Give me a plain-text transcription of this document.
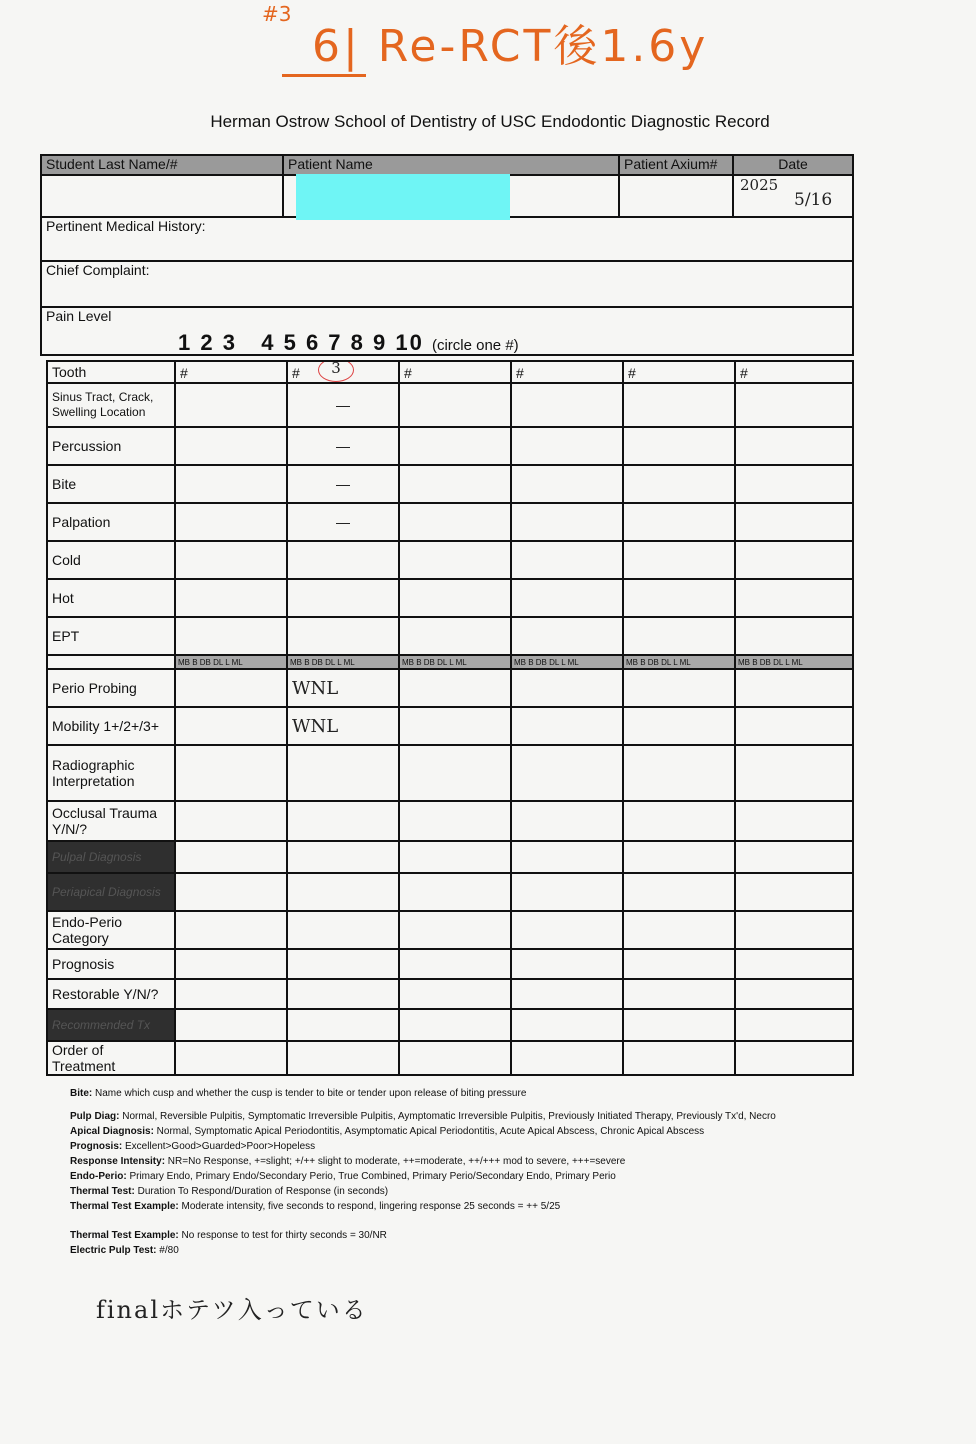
#3
6| Re-RCT後1.6y
Herman Ostrow School of Dentistry of USC Endodontic Diagnostic Record
Student Last Name/#	Patient Name	Patient Axium#	Date

			2025
5/16

Pertinent Medical History:			
Chief Complaint:			
Pain Level			
1 2 3   4 5 6 7 8 9 10 (circle one #)
Tooth	#	# 3	#	#	#	#
Sinus Tract, Crack, Swelling Location		—				
Percussion		—				
Bite		—				
Palpation		—				
Cold						
Hot						
EPT						
	MB B DB DL L ML	MB B DB DL L ML	MB B DB DL L ML	MB B DB DL L ML	MB B DB DL L ML	MB B DB DL L ML
Perio Probing		WNL				
Mobility 1+/2+/3+		WNL				
Radiographic Interpretation						
Occlusal Trauma Y/N/?						
Pulpal Diagnosis						
Periapical Diagnosis						
Endo-Perio Category						
Prognosis						
Restorable Y/N/?						
Recommended Tx						
Order of Treatment						
Bite: Name which cusp and whether the cusp is tender to bite or tender upon release of biting pressure
Pulp Diag: Normal, Reversible Pulpitis, Symptomatic Irreversible Pulpitis, Aymptomatic Irreversible Pulpitis, Previously Initiated Therapy, Previously Tx'd, Necro
Apical Diagnosis: Normal, Symptomatic Apical Periodontitis, Asymptomatic Apical Periodontitis, Acute Apical Abscess, Chronic Apical Abscess
Prognosis: Excellent>Good>Guarded>Poor>Hopeless
Response Intensity: NR=No Response, +=slight; +/++ slight to moderate, ++=moderate, ++/+++ mod to severe, +++=severe
Endo-Perio: Primary Endo, Primary Endo/Secondary Perio, True Combined, Primary Perio/Secondary Endo, Primary Perio
Thermal Test: Duration To Respond/Duration of Response (in seconds)
Thermal Test Example: Moderate intensity, five seconds to respond, lingering response 25 seconds = ++ 5/25
Thermal Test Example: No response to test for thirty seconds = 30/NR
Electric Pulp Test: #/80
finalホテツ入っている
